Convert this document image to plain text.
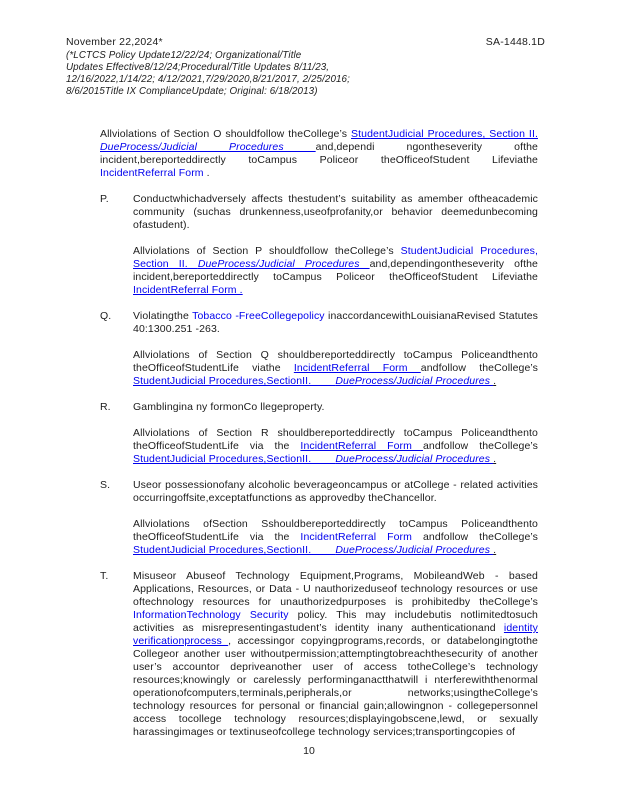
November 22,2024*	SA-1448.1D
(*LCTCS Policy Update12/22/24; Organizational/Title
Updates Effective8/12/24;Procedural/Title Updates 8/11/23,
12/16/2022,1/14/22; 4/12/2021,7/29/2020,8/21/2017, 2/25/2016;
8/6/2015Title IX ComplianceUpdate; Original: 6/18/2013)

Allviolations of Section O shouldfollow theCollege’s StudentJudicial Procedures, Section II. DueProcess/Judicial Procedures and,dependi ngontheseverity ofthe incident,bereporteddirectly toCampus Policeor theOfficeofStudent Lifeviathe IncidentReferral Form .

P.	Conductwhichadversely affects thestudent’s suitability as amember oftheacademic community (suchas drunkenness,useofprofanity,or behavior deemedunbecoming ofastudent).

Allviolations of Section P shouldfollow theCollege’s StudentJudicial Procedures, Section II. DueProcess/Judicial Procedures and,dependingontheseverity ofthe incident,bereporteddirectly toCampus Policeor theOfficeofStudent Lifeviathe IncidentReferral Form .

Q.	Violatingthe Tobacco -FreeCollegepolicy inaccordancewithLouisianaRevised Statutes 40:1300.251 -263.

Allviolations of Section Q shouldbereporteddirectly toCampus Policeandthento theOfficeofStudentLife viathe IncidentReferral Form andfollow theCollege’s StudentJudicial Procedures,SectionII.        DueProcess/Judicial Procedures .

R.	Gamblingina ny formonCo llegeproperty.

Allviolations of Section R shouldbereporteddirectly toCampus Policeandthento theOfficeofStudentLife via the IncidentReferral Form andfollow theCollege’s StudentJudicial Procedures,SectionII.        DueProcess/Judicial Procedures .

S.	Useor possessionofany alcoholic beverageoncampus or atCollege - related activities occurringoffsite,exceptatfunctions as approvedby theChancellor.

Allviolations ofSection Sshouldbereporteddirectly toCampus Policeandthento theOfficeofStudentLife via the IncidentReferral Form andfollow theCollege’s StudentJudicial Procedures,SectionII.        DueProcess/Judicial Procedures .

T.	Misuseor Abuseof Technology Equipment,Programs, MobileandWeb - based Applications, Resources, or Data - U nauthorizeduseof technology resources or use oftechnology resources for unauthorizedpurposes is prohibitedby theCollege’s InformationTechnology Security policy. This may includebutis notlimitedtosuch activities as misrepresentingastudent’s identity inany authenticationand identity verificationprocess , accessingor copyingprograms,records, or databelongingtothe Collegeor another user withoutpermission;attemptingtobreachthesecurity of another user’s accountor depriveanother user of access totheCollege’s technology resources;knowingly or carelessly performinganactthatwill i nterferewiththenormal operationofcomputers,terminals,peripherals,or networks;usingtheCollege’s technology resources for personal or financial gain;allowingnon - collegepersonnel access tocollege technology resources;displayingobscene,lewd, or sexually harassingimages or textinuseofcollege technology services;transportingcopies of

10
